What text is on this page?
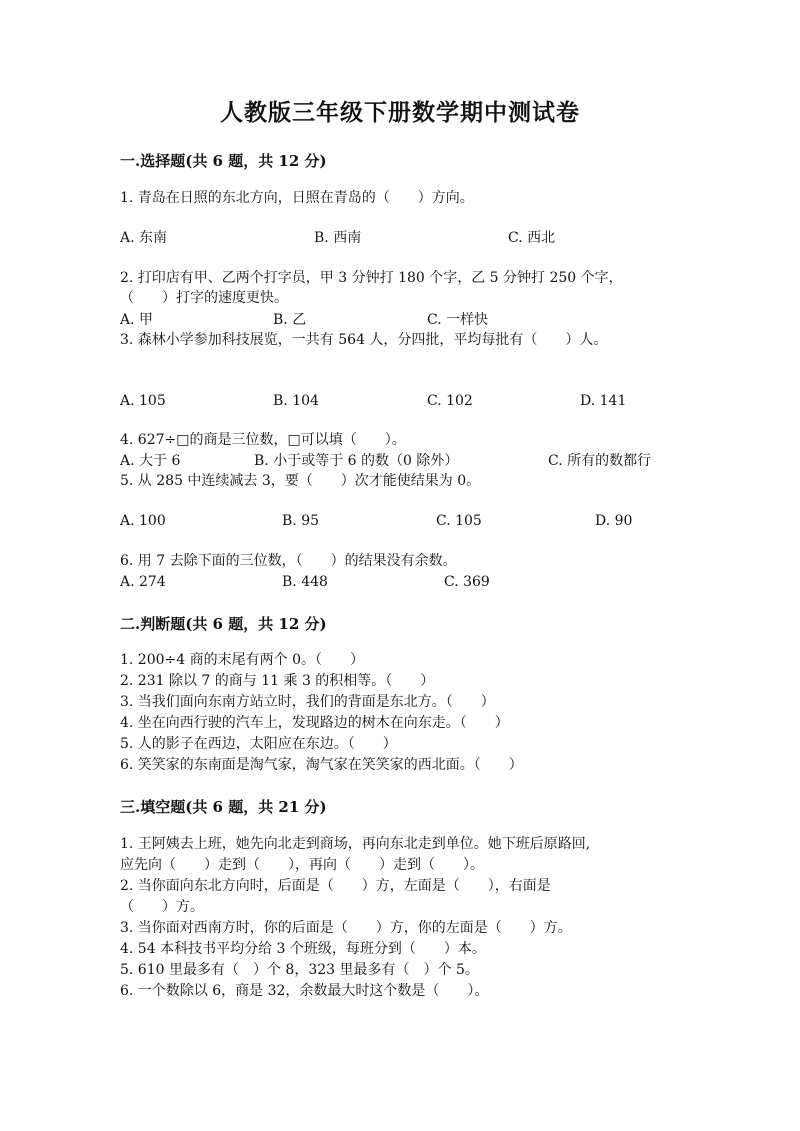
人教版三年级下册数学期中测试卷
一.选择题(共 6 题，共 12 分)
1. 青岛在日照的东北方向，日照在青岛的（　　）方向。
A. 东南	B. 西南	C. 西北
2. 打印店有甲、乙两个打字员，甲 3 分钟打 180 个字，乙 5 分钟打 250 个字，
（　　）打字的速度更快。
A. 甲	B. 乙	C. 一样快
3. 森林小学参加科技展览，一共有 564 人，分四批，平均每批有（　　）人。
A. 105	B. 104	C. 102	D. 141
4. 627÷□的商是三位数，□可以填（　　）。
A. 大于 6	B. 小于或等于 6 的数（0 除外）	C. 所有的数都行
5. 从 285 中连续减去 3，要（　　）次才能使结果为 0。
A. 100	B. 95	C. 105	D. 90
6. 用 7 去除下面的三位数，（　　）的结果没有余数。
A. 274	B. 448	C. 369
二.判断题(共 6 题，共 12 分)
1. 200÷4 商的末尾有两个 0。（　　）
2. 231 除以 7 的商与 11 乘 3 的积相等。（　　）
3. 当我们面向东南方站立时，我们的背面是东北方。（　　）
4. 坐在向西行驶的汽车上，发现路边的树木在向东走。（　　）
5. 人的影子在西边，太阳应在东边。（　　）
6. 笑笑家的东南面是淘气家，淘气家在笑笑家的西北面。（　　）
三.填空题(共 6 题，共 21 分)
1. 王阿姨去上班，她先向北走到商场，再向东北走到单位。她下班后原路回,
应先向（　　）走到（　　），再向（　　）走到（　　）。
2. 当你面向东北方向时，后面是（　　）方，左面是（　　），右面是
（　　）方。
3. 当你面对西南方时，你的后面是（　　）方，你的左面是（　　）方。
4. 54 本科技书平均分给 3 个班级，每班分到（　　）本。
5. 610 里最多有（　）个 8，323 里最多有（　）个 5。
6. 一个数除以 6，商是 32，余数最大时这个数是（　　）。
